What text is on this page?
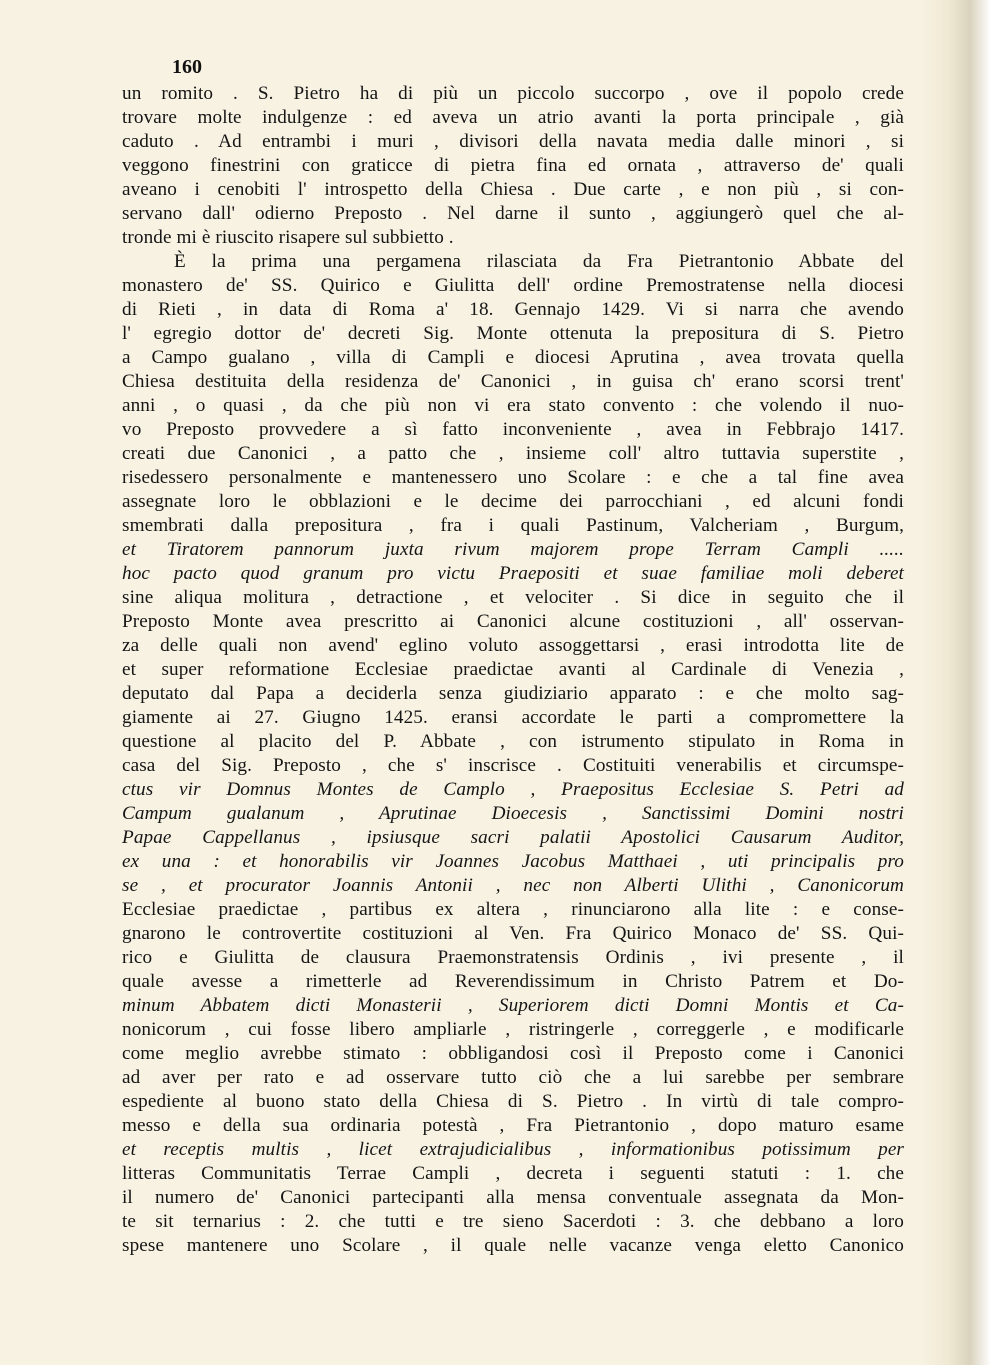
160
un romito . S. Pietro ha di più un piccolo succorpo , ove il popolo crede
trovare molte indulgenze : ed aveva un atrio avanti la porta principale , già
caduto . Ad entrambi i muri , divisori della navata media dalle minori , si
veggono finestrini con graticce di pietra fina ed ornata , attraverso de' quali
aveano i cenobiti l' introspetto della Chiesa . Due carte , e non più , si con-
servano dall' odierno Preposto . Nel darne il sunto , aggiungerò quel che al-
tronde mi è riuscito risapere sul subbietto .
È la prima una pergamena rilasciata da Fra Pietrantonio Abbate del
monastero de' SS. Quirico e Giulitta dell' ordine Premostratense nella diocesi
di Rieti , in data di Roma a' 18. Gennajo 1429. Vi si narra che avendo
l' egregio dottor de' decreti Sig. Monte ottenuta la prepositura di S. Pietro
a Campo gualano , villa di Campli e diocesi Aprutina , avea trovata quella
Chiesa destituita della residenza de' Canonici , in guisa ch' erano scorsi trent'
anni , o quasi , da che più non vi era stato convento : che volendo il nuo-
vo Preposto provvedere a sì fatto inconveniente , avea in Febbrajo 1417.
creati due Canonici , a patto che , insieme coll' altro tuttavia superstite ,
risedessero personalmente e mantenessero uno Scolare : e che a tal fine avea
assegnate loro le obblazioni e le decime dei parrocchiani , ed alcuni fondi
smembrati dalla prepositura , fra i quali Pastinum, Valcheriam , Burgum,
et Tiratorem pannorum juxta rivum majorem prope Terram Campli .....
hoc pacto quod granum pro victu Praepositi et suae familiae moli deberet
sine aliqua molitura , detractione , et velociter . Si dice in seguito che il
Preposto Monte avea prescritto ai Canonici alcune costituzioni , all' osservan-
za delle quali non avend' eglino voluto assoggettarsi , erasi introdotta lite de
et super reformatione Ecclesiae praedictae avanti al Cardinale di Venezia ,
deputato dal Papa a deciderla senza giudiziario apparato : e che molto sag-
giamente ai 27. Giugno 1425. eransi accordate le parti a compromettere la
questione al placito del P. Abbate , con istrumento stipulato in Roma in
casa del Sig. Preposto , che s' inscrisce . Costituiti venerabilis et circumspe-
ctus vir Domnus Montes de Camplo , Praepositus Ecclesiae S. Petri ad
Campum gualanum , Aprutinae Dioecesis , Sanctissimi Domini nostri
Papae Cappellanus , ipsiusque sacri palatii Apostolici Causarum Auditor,
ex una : et honorabilis vir Joannes Jacobus Matthaei , uti principalis pro
se , et procurator Joannis Antonii , nec non Alberti Ulithi , Canonicorum
Ecclesiae praedictae , partibus ex altera , rinunciarono alla lite : e conse-
gnarono le controvertite costituzioni al Ven. Fra Quirico Monaco de' SS. Qui-
rico e Giulitta de clausura Praemonstratensis Ordinis , ivi presente , il
quale avesse a rimetterle ad Reverendissimum in Christo Patrem et Do-
minum Abbatem dicti Monasterii , Superiorem dicti Domni Montis et Ca-
nonicorum , cui fosse libero ampliarle , ristringerle , correggerle , e modificarle
come meglio avrebbe stimato : obbligandosi così il Preposto come i Canonici
ad aver per rato e ad osservare tutto ciò che a lui sarebbe per sembrare
espediente al buono stato della Chiesa di S. Pietro . In virtù di tale compro-
messo e della sua ordinaria potestà , Fra Pietrantonio , dopo maturo esame
et receptis multis , licet extrajudicialibus , informationibus potissimum per
litteras Communitatis Terrae Campli , decreta i seguenti statuti : 1. che
il numero de' Canonici partecipanti alla mensa conventuale assegnata da Mon-
te sit ternarius : 2. che tutti e tre sieno Sacerdoti : 3. che debbano a loro
spese mantenere uno Scolare , il quale nelle vacanze venga eletto Canonico
